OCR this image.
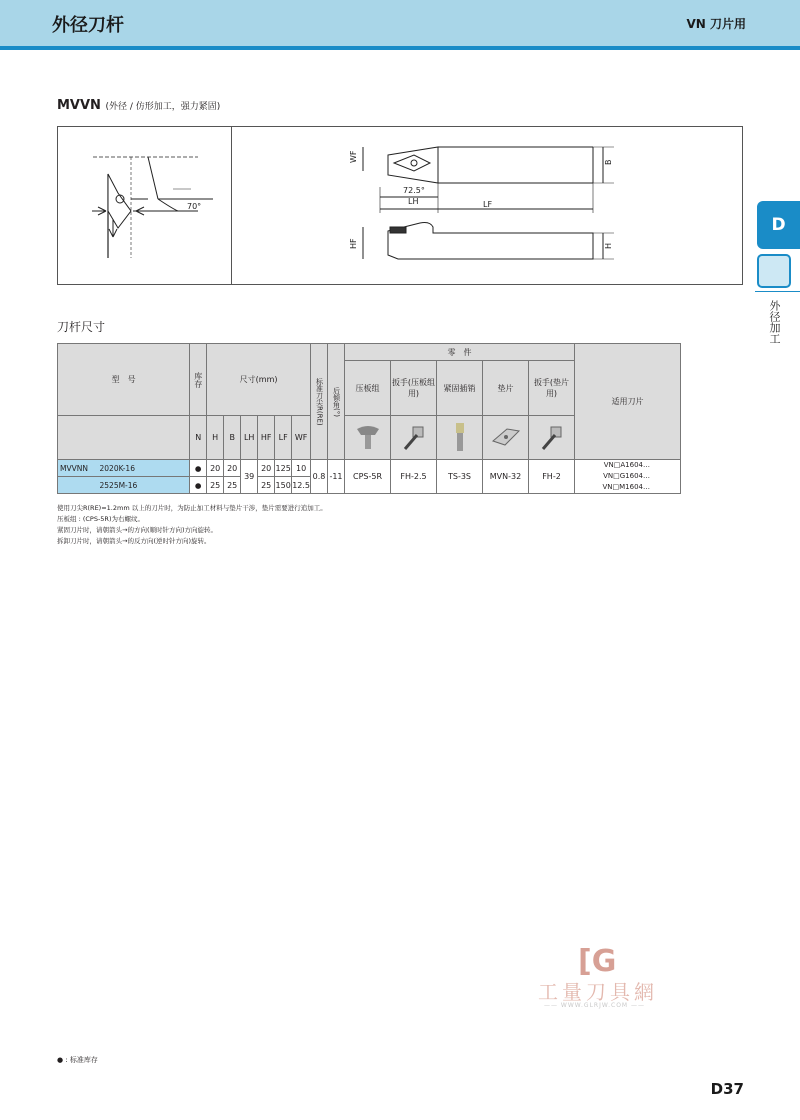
外径刀杆	VN 刀片用
MVVN (外径 / 仿形加工，强力紧固)
70°
WF	B
72.5°
LH	LF
HF	H
D
外径加工
刀杆尺寸
型　号		库存	尺寸(mm)						标准刀尖R(RE)	后倾角(°)	零　件					适用刀片
											压板组	扳手(压板组用)	紧固插销	垫片	扳手(垫片用)	
		N	H	B	LH	HF	LF	WF					
MVVNN	2020K-16	●	20	20	39	20	125	10	0.8	-11	CPS-5R	FH-2.5	TS-3S	MVN-32	FH-2	VN□A1604…
VN□G1604…
VN□M1604…

	2525M-16	●	25	25		25	150	12.5								
使用刀尖R(RE)=1.2mm 以上的刀片时，为防止加工材料与垫片干涉，垫片需要进行追加工。
压板组 : (CPS-5R)为右螺纹。
紧固刀片时，请朝箭头→的方向(顺时针方向)方向旋转。
拆卸刀片时，请朝箭头→的反方向(逆时针方向)旋转。
[G
工量刀具網
—— WWW.GLRJW.COM ——
● : 标准库存
D37
